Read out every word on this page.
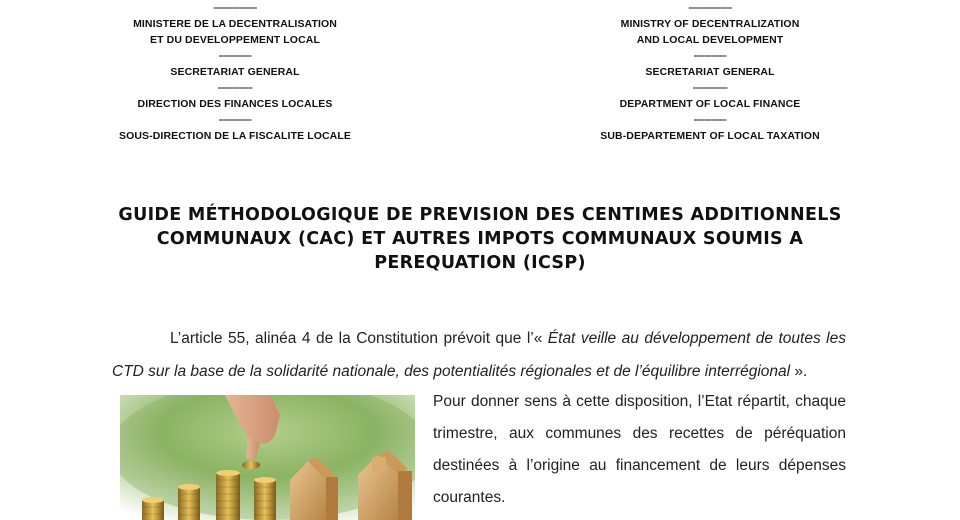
--------------------
MINISTERE DE LA DECENTRALISATION
ET DU DEVELOPPEMENT LOCAL
---------------
SECRETARIAT GENERAL
----------------
DIRECTION DES FINANCES LOCALES
---------------
SOUS-DIRECTION DE LA FISCALITE LOCALE
--------------------
MINISTRY OF DECENTRALIZATION
AND LOCAL DEVELOPMENT
---------------
SECRETARIAT GENERAL
----------------
DEPARTMENT OF LOCAL FINANCE
---------------
SUB-DEPARTEMENT OF LOCAL TAXATION
GUIDE MÉTHODOLOGIQUE DE PREVISION DES CENTIMES ADDITIONNELS
COMMUNAUX (CAC) ET AUTRES IMPOTS COMMUNAUX SOUMIS A
PEREQUATION (ICSP)
L’article 55, alinéa 4 de la Constitution prévoit que l’« État veille au développement de toutes les CTD sur la base de la solidarité nationale, des potentialités régionales et de l’équilibre interrégional ».
Pour donner sens à cette disposition, l’Etat répartit, chaque
trimestre, aux communes des recettes de péréquation
destinées à l’origine au financement de leurs dépenses
courantes.
